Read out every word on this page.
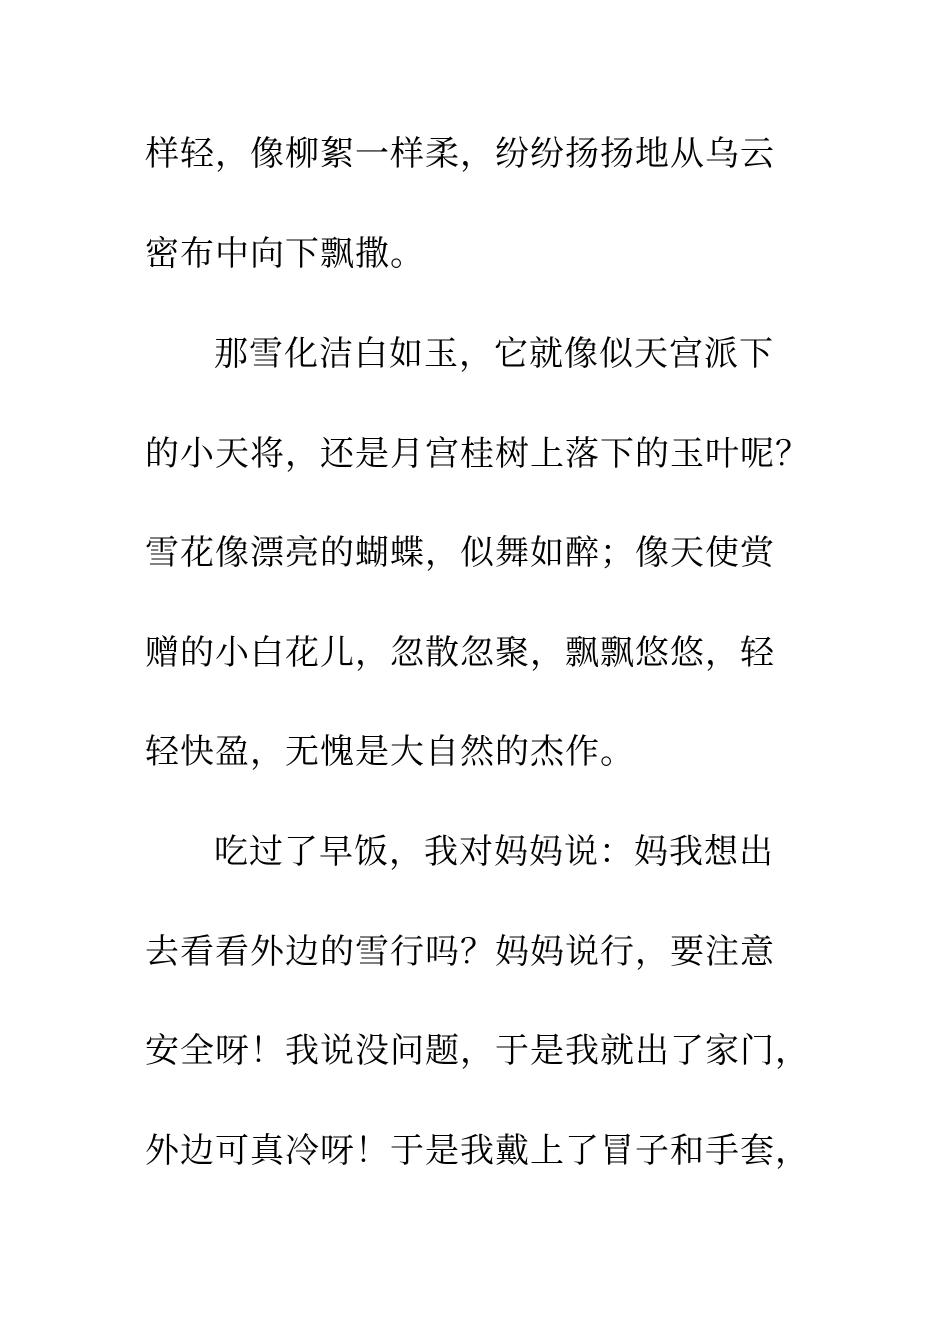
样轻，像柳絮一样柔，纷纷扬扬地从乌云
密布中向下飘撒。
那雪化洁白如玉，它就像似天宫派下
的小天将，还是月宫桂树上落下的玉叶呢？
雪花像漂亮的蝴蝶，似舞如醉；像天使赏
赠的小白花儿，忽散忽聚，飘飘悠悠，轻
轻快盈，无愧是大自然的杰作。
吃过了早饭，我对妈妈说：妈我想出
去看看外边的雪行吗？妈妈说行，要注意
安全呀！我说没问题，于是我就出了家门，
外边可真冷呀！于是我戴上了冒子和手套，
